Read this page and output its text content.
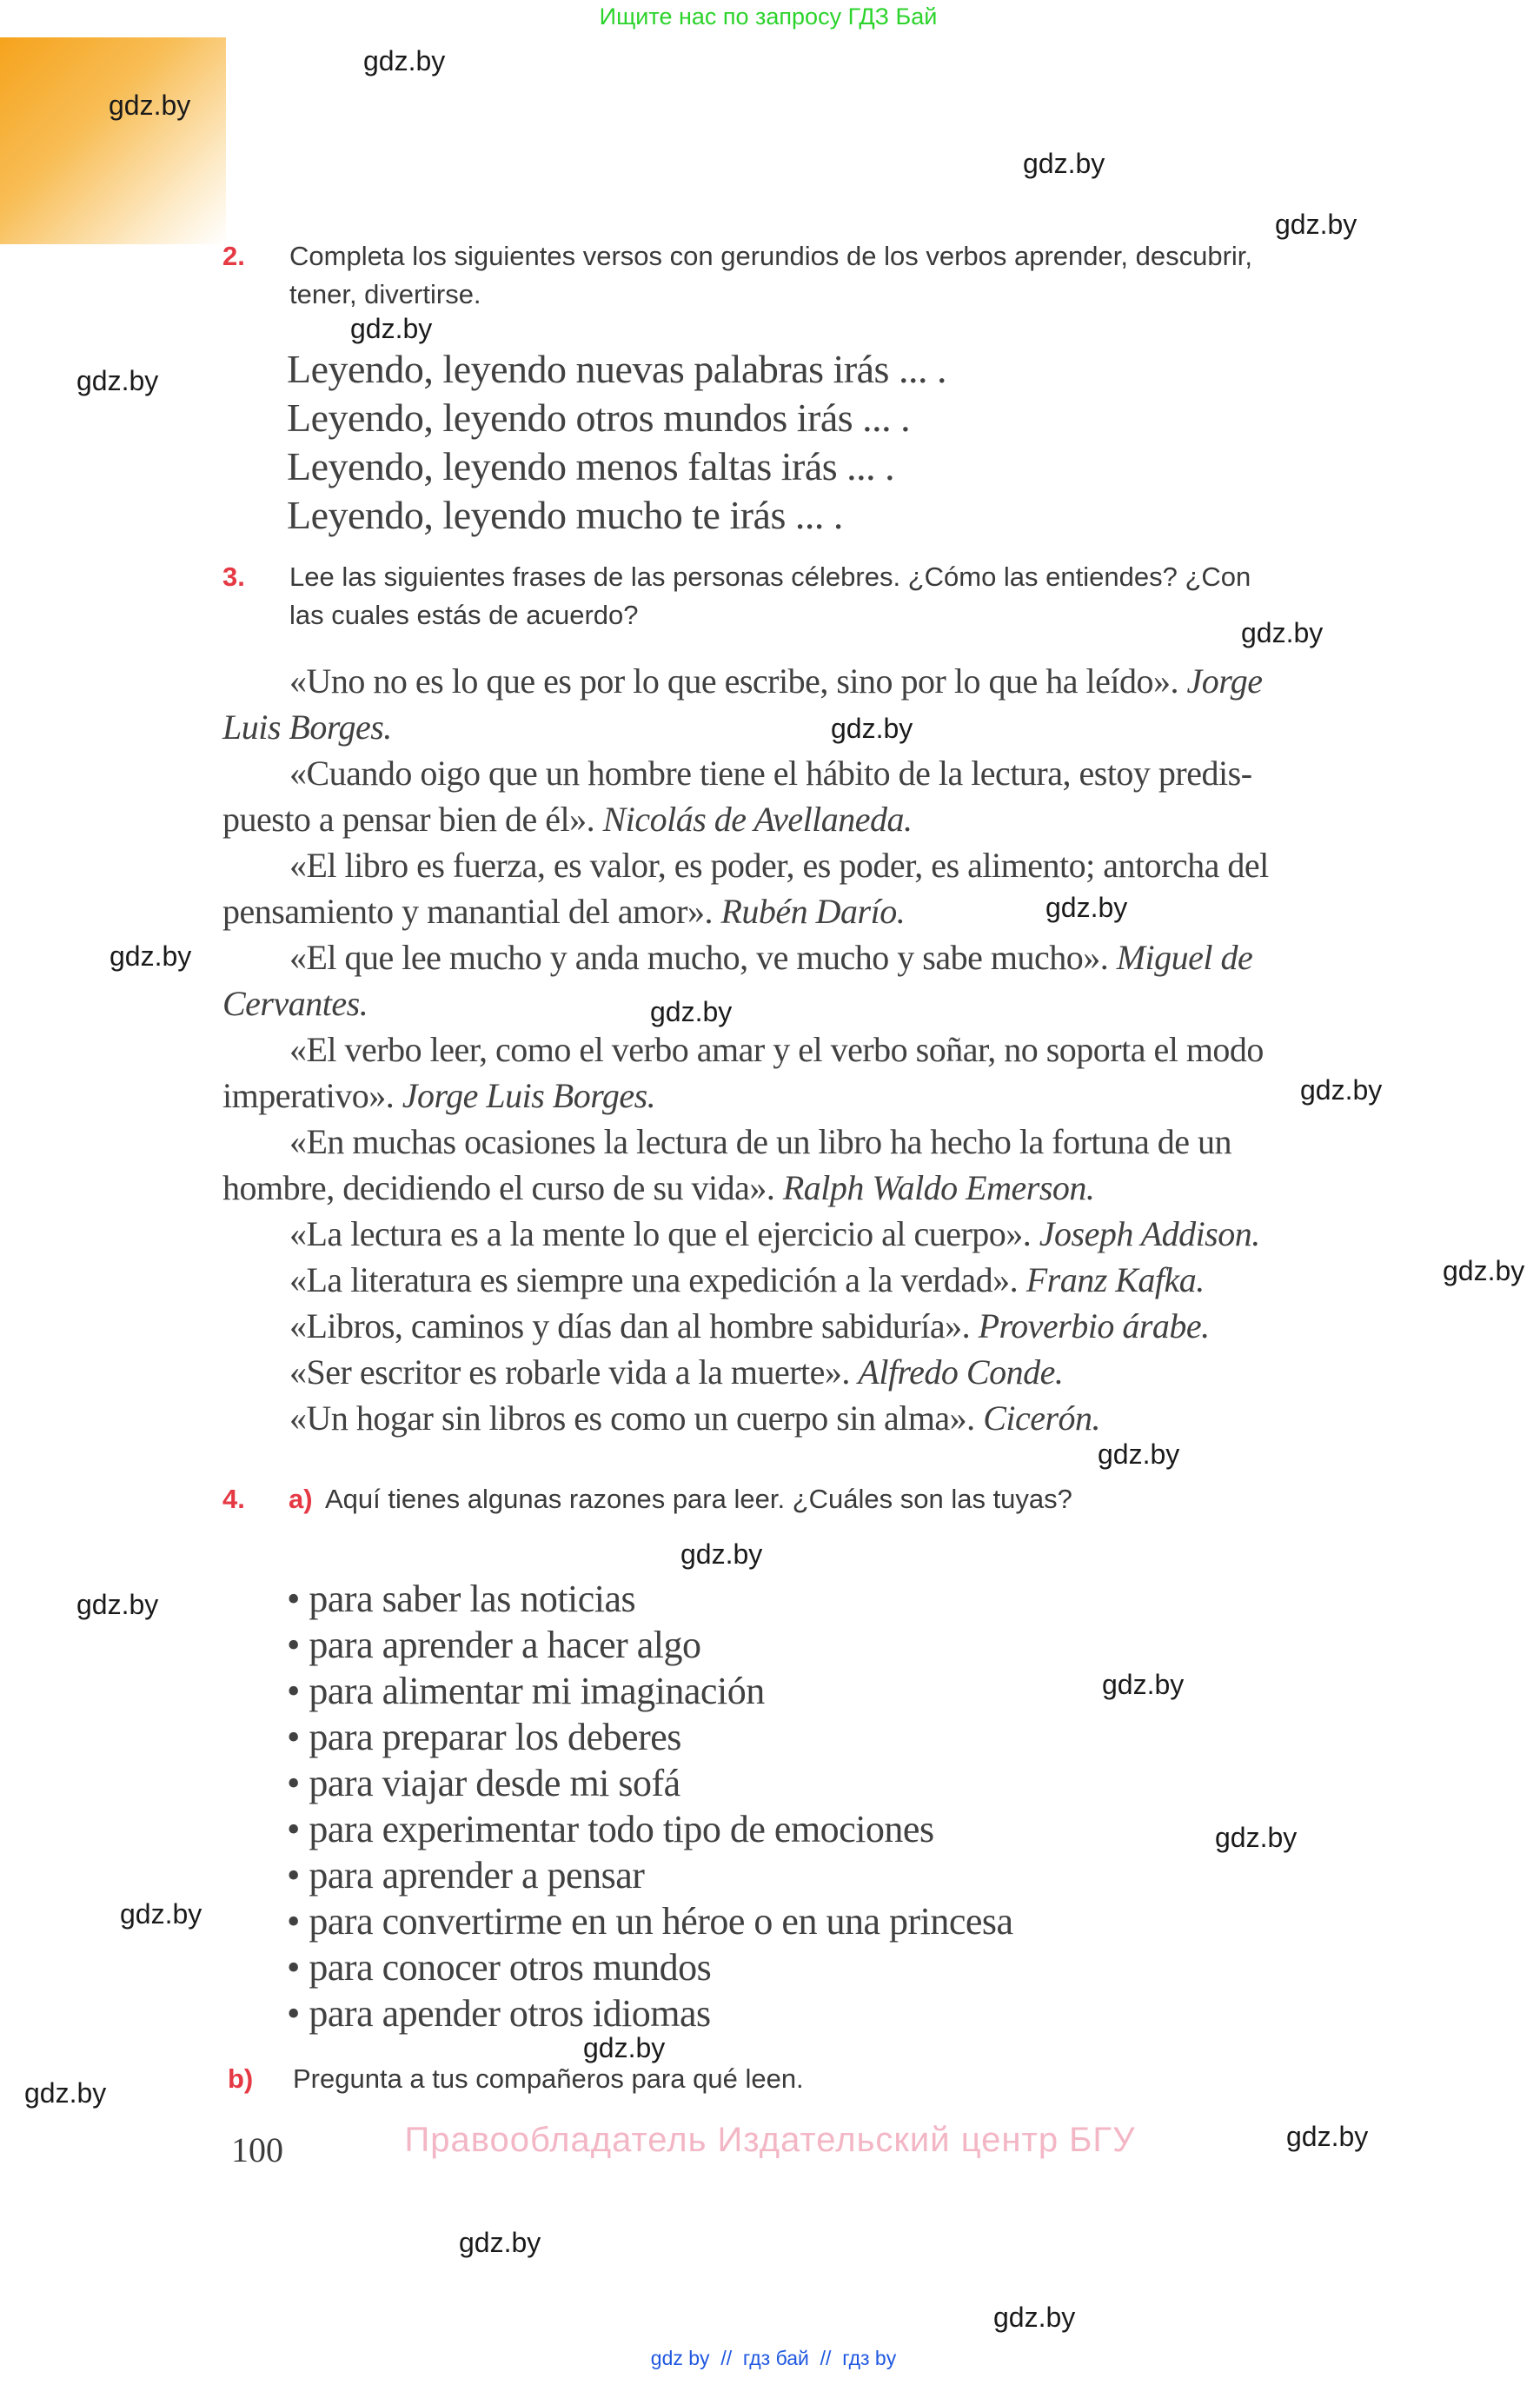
Ищите нас по запросу ГДЗ Бай
gdz.by
gdz.by
gdz.by
gdz.by
gdz.by
gdz.by
gdz.by
gdz.by
gdz.by
gdz.by
gdz.by
gdz.by
gdz.by
gdz.by
gdz.by
gdz.by
gdz.by
gdz.by
gdz.by
gdz.by
gdz.by
gdz.by
gdz.by
gdz.by
2. Completa los siguientes versos con gerundios de los verbos aprender, descubrir,
tener, divertirse.
Leyendo, leyendo nuevas palabras irás ... .
Leyendo, leyendo otros mundos irás ... .
Leyendo, leyendo menos faltas irás ... .
Leyendo, leyendo mucho te irás ... .
3. Lee las siguientes frases de las personas célebres. ¿Cómo las entiendes? ¿Con
las cuales estás de acuerdo?
«Uno no es lo que es por lo que escribe, sino por lo que ha leído». Jorge
Luis Borges.
«Cuando oigo que un hombre tiene el hábito de la lectura, estoy predis-
puesto a pensar bien de él». Nicolás de Avellaneda.
«El libro es fuerza, es valor, es poder, es poder, es alimento; antorcha del
pensamiento y manantial del amor». Rubén Darío.
«El que lee mucho y anda mucho, ve mucho y sabe mucho». Miguel de
Cervantes.
«El verbo leer, como el verbo amar y el verbo soñar, no soporta el modo
imperativo». Jorge Luis Borges.
«En muchas ocasiones la lectura de un libro ha hecho la fortuna de un
hombre, decidiendo el curso de su vida». Ralph Waldo Emerson.
«La lectura es a la mente lo que el ejercicio al cuerpo». Joseph Addison.
«La literatura es siempre una expedición a la verdad». Franz Kafka.
«Libros, caminos y días dan al hombre sabiduría». Proverbio árabe.
«Ser escritor es robarle vida a la muerte». Alfredo Conde.
«Un hogar sin libros es como un cuerpo sin alma». Cicerón.
4. a) Aquí tienes algunas razones para leer. ¿Cuáles son las tuyas?
• para saber las noticias
• para aprender a hacer algo
• para alimentar mi imaginación
• para preparar los deberes
• para viajar desde mi sofá
• para experimentar todo tipo de emociones
• para aprender a pensar
• para convertirme en un héroe o en una princesa
• para conocer otros mundos
• para apender otros idiomas
b) Pregunta a tus compañeros para qué leen.
100	Правообладатель Издательский центр БГУ
gdz by  //  гдз бай  //  гдз by
